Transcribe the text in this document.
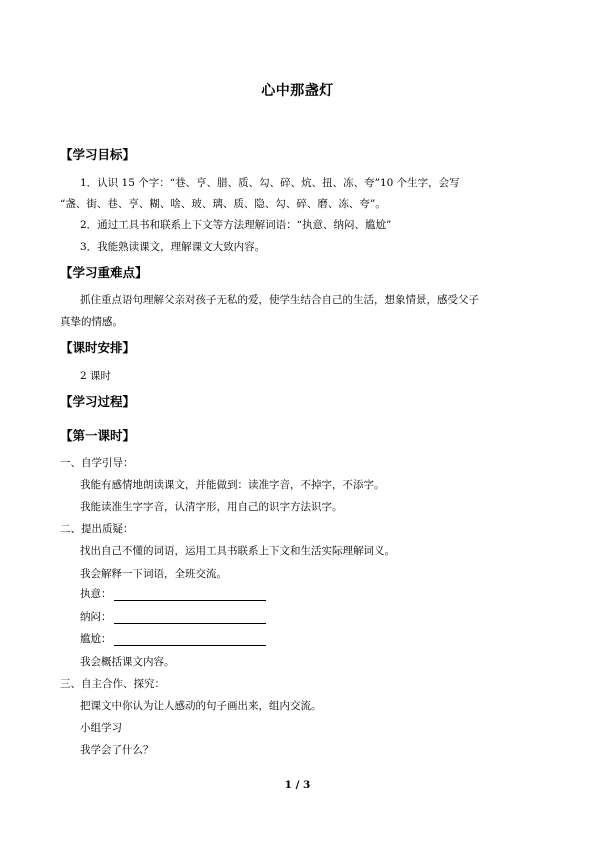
心中那盏灯
【学习目标】
1．认识 15 个字：“巷、亨、腊、质、勾、碎、炕、扭、冻、夸”10 个生字，会写
“盏、街、巷、亨、糊、啥、玻、璃、质、隐、勾、碎、磨、冻、夸”。
2．通过工具书和联系上下文等方法理解词语：“执意、纳闷、尴尬”
3．我能熟读课文，理解课文大致内容。
【学习重难点】
抓住重点语句理解父亲对孩子无私的爱，使学生结合自己的生活，想象情景，感受父子
真挚的情感。
【课时安排】
2 课时
【学习过程】
【第一课时】
一、自学引导：
我能有感情地朗读课文，并能做到：读准字音，不掉字，不添字。
我能读准生字字音，认清字形，用自己的识字方法识字。
二、提出质疑：
找出自己不懂的词语，运用工具书联系上下文和生活实际理解词义。
我会解释一下词语，全班交流。
执意：
纳闷：
尴尬：
我会概括课文内容。
三、自主合作、探究：
把课文中你认为让人感动的句子画出来，组内交流。
小组学习
我学会了什么？
1 / 3
